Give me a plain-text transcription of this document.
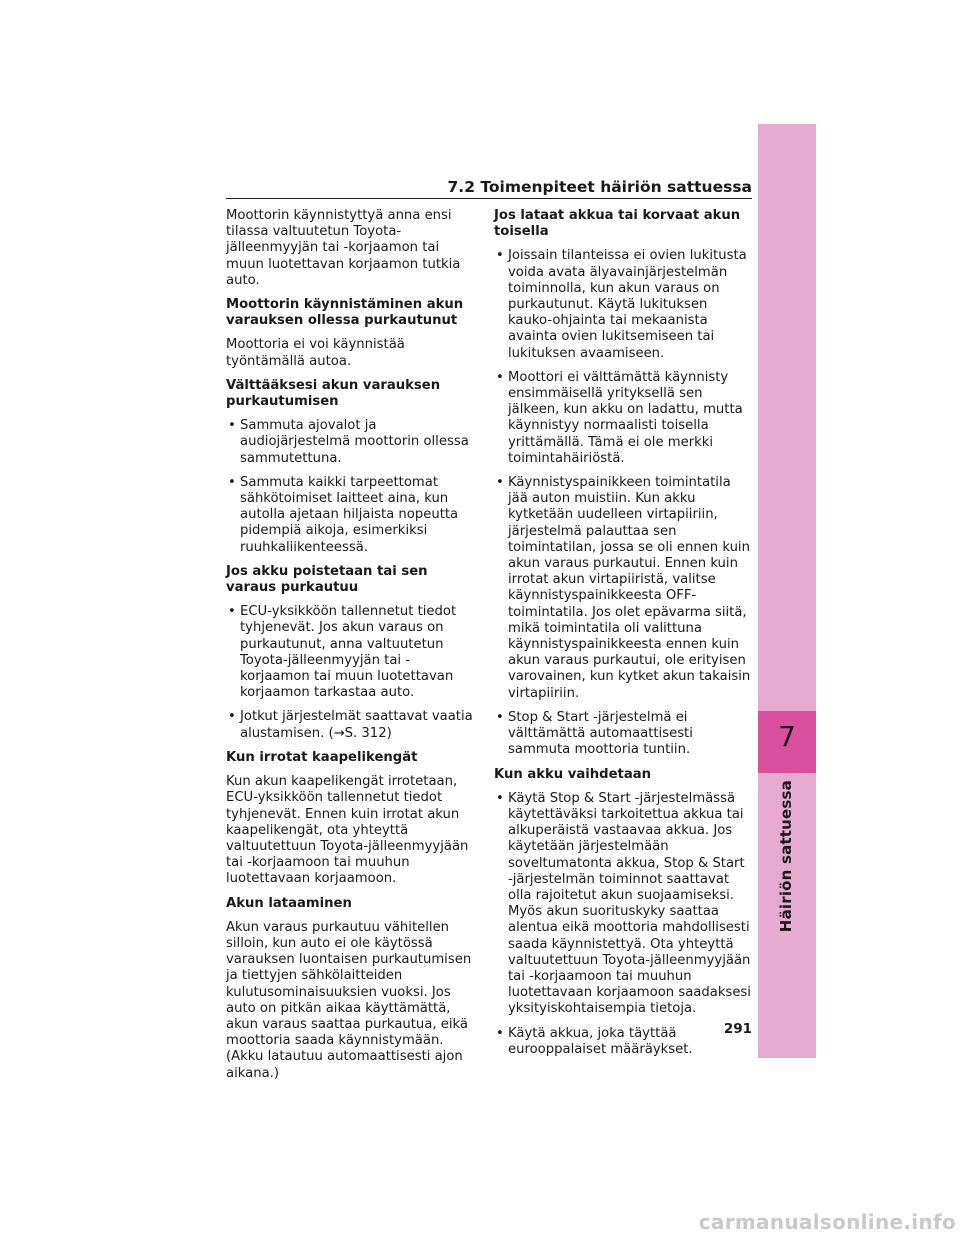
7
Häiriön sattuessa
7.2 Toimenpiteet häiriön sattuessa

Moottorin käynnistyttyä anna ensi tilassa valtuutetun Toyota-jälleenmyyjän tai -korjaamon tai muun luotettavan korjaamon tutkia auto.

Moottorin käynnistäminen akun varauksen ollessa purkautunut

Moottoria ei voi käynnistää työntämällä autoa.

Välttääksesi akun varauksen purkautumisen
• Sammuta ajovalot ja audiojärjestelmä moottorin ollessa sammutettuna.
• Sammuta kaikki tarpeettomat sähkötoimiset laitteet aina, kun autolla ajetaan hiljaista nopeutta pidempiä aikoja, esimerkiksi ruuhkaliikenteessä.
Jos akku poistetaan tai sen varaus purkautuu
• ECU-yksikköön tallennetut tiedot tyhjenevät. Jos akun varaus on purkautunut, anna valtuutetun Toyota-jälleenmyyjän tai -korjaamon tai muun luotettavan korjaamon tarkastaa auto.
• Jotkut järjestelmät saattavat vaatia alustamisen. (→S. 312)
Kun irrotat kaapelikengät

Kun akun kaapelikengät irrotetaan, ECU-yksikköön tallennetut tiedot tyhjenevät. Ennen kuin irrotat akun kaapelikengät, ota yhteyttä valtuutettuun Toyota-jälleenmyyjään tai -korjaamoon tai muuhun luotettavaan korjaamoon.

Akun lataaminen

Akun varaus purkautuu vähitellen silloin, kun auto ei ole käytössä varauksen luontaisen purkautumisen ja tiettyjen sähkölaitteiden kulutusominaisuuksien vuoksi. Jos auto on pitkän aikaa käyttämättä, akun varaus saattaa purkautua, eikä moottoria saada käynnistymään. (Akku latautuu automaattisesti ajon aikana.)

Jos lataat akkua tai korvaat akun toisella
• Joissain tilanteissa ei ovien lukitusta voida avata älyavainjärjestelmän toiminnolla, kun akun varaus on purkautunut. Käytä lukituksen kauko-ohjainta tai mekaanista avainta ovien lukitsemiseen tai lukituksen avaamiseen.
• Moottori ei välttämättä käynnisty ensimmäisellä yrityksellä sen jälkeen, kun akku on ladattu, mutta käynnistyy normaalisti toisella yrittämällä. Tämä ei ole merkki toimintahäiriöstä.
• Käynnistyspainikkeen toimintatila jää auton muistiin. Kun akku kytketään uudelleen virtapiiriin, järjestelmä palauttaa sen toimintatilan, jossa se oli ennen kuin akun varaus purkautui. Ennen kuin irrotat akun virtapiiristä, valitse käynnistyspainikkeesta OFF-toimintatila. Jos olet epävarma siitä, mikä toimintatila oli valittuna käynnistyspainikkeesta ennen kuin akun varaus purkautui, ole erityisen varovainen, kun kytket akun takaisin virtapiiriin.
• Stop & Start -järjestelmä ei välttämättä automaattisesti sammuta moottoria tuntiin.
Kun akku vaihdetaan
• Käytä Stop & Start -järjestelmässä käytettäväksi tarkoitettua akkua tai alkuperäistä vastaavaa akkua. Jos käytetään järjestelmään soveltumatonta akkua, Stop & Start -järjestelmän toiminnot saattavat olla rajoitetut akun suojaamiseksi. Myös akun suorituskyky saattaa alentua eikä moottoria mahdollisesti saada käynnistettyä. Ota yhteyttä valtuutettuun Toyota-jälleenmyyjään tai -korjaamoon tai muuhun luotettavaan korjaamoon saadaksesi yksityiskohtaisempia tietoja.
• Käytä akkua, joka täyttää eurooppalaiset määräykset.
291
carmanualsonline.info
